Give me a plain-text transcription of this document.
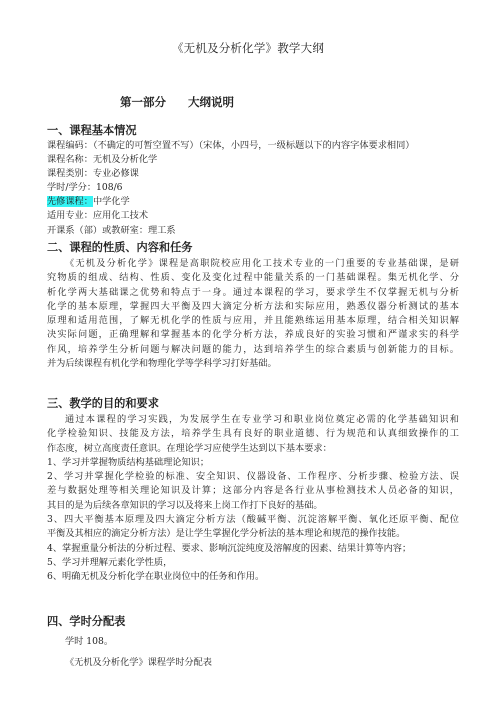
《无机及分析化学》教学大纲
第一部分 大纲说明
一、课程基本情况
课程编码：（不确定的可暂空置不写）（宋体，小四号，一级标题以下的内容字体要求相同）
课程名称：无机及分析化学
课程类别：专业必修课
学时/学分：108/6
先修课程：中学化学
适用专业：应用化工技术
开课系（部）或教研室：理工系
二、课程的性质、内容和任务
《无机及分析化学》课程是高职院校应用化工技术专业的一门重要的专业基础课，是研
究物质的组成、结构、性质、变化及变化过程中能量关系的一门基础课程。集无机化学、分
析化学两大基础课之优势和特点于一身。通过本课程的学习，要求学生不仅掌握无机与分析
化学的基本原理，掌握四大平衡及四大滴定分析方法和实际应用，熟悉仪器分析测试的基本
原理和适用范围，了解无机化学的性质与应用，并且能熟练运用基本原理，结合相关知识解
决实际问题，正确理解和掌握基本的化学分析方法，养成良好的实验习惯和严谨求实的科学
作风，培养学生分析问题与解决问题的能力，达到培养学生的综合素质与创新能力的目标。
并为后续课程有机化学和物理化学等学科学习打好基础。
三、教学的目的和要求
通过本课程的学习实践，为发展学生在专业学习和职业岗位奠定必需的化学基础知识和
化学检验知识、技能及方法，培养学生具有良好的职业道德、行为规范和认真细致操作的工
作态度，树立高度责任意识。在理论学习应使学生达到以下基本要求：
1、学习并掌握物质结构基础理论知识；
2、学习并掌握化学检验的标准、安全知识、仪器设备、工作程序、分析步骤、检验方法、误
差与数据处理等相关理论知识及计算；这部分内容是各行业从事检测技术人员必备的知识，
其目的是为后续各章知识的学习以及将来上岗工作打下良好的基础。
3、四大平衡基本原理及四大滴定分析方法（酸碱平衡、沉淀溶解平衡、氧化还原平衡、配位
平衡及其相应的滴定分析方法）是让学生掌握化学分析法的基本理论和规范的操作技能。
4、掌握重量分析法的分析过程、要求、影响沉淀纯度及溶解度的因素、结果计算等内容；
5、学习并理解元素化学性质，
6、明确无机及分析化学在职业岗位中的任务和作用。
四、学时分配表
学时 108。
《无机及分析化学》课程学时分配表
